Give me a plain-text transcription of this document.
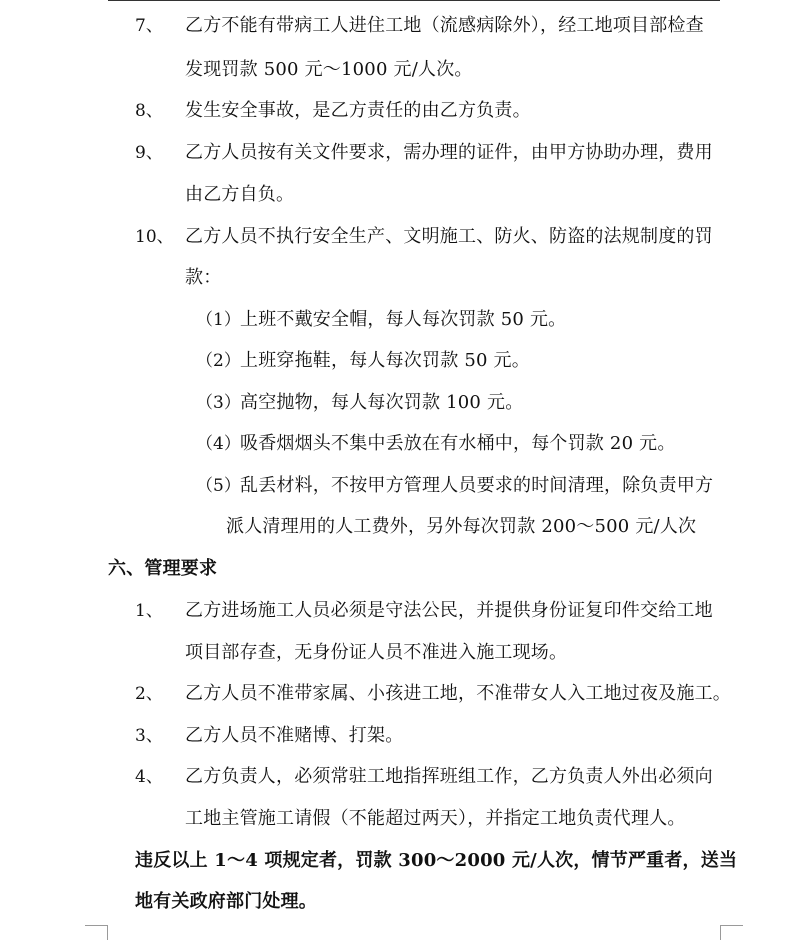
7、 乙方不能有带病工人进住工地（流感病除外），经工地项目部检查
发现罚款 500 元～1000 元/人次。
8、 发生安全事故，是乙方责任的由乙方负责。
9、 乙方人员按有关文件要求，需办理的证件，由甲方协助办理，费用
由乙方自负。
10、 乙方人员不执行安全生产、文明施工、防火、防盗的法规制度的罚
款：
（1） 上班不戴安全帽，每人每次罚款 50 元。
（2） 上班穿拖鞋，每人每次罚款 50 元。
（3） 高空抛物，每人每次罚款 100 元。
（4） 吸香烟烟头不集中丢放在有水桶中，每个罚款 20 元。
（5） 乱丢材料，不按甲方管理人员要求的时间清理，除负责甲方
派人清理用的人工费外，另外每次罚款 200～500 元/人次
六、管理要求
1、 乙方进场施工人员必须是守法公民，并提供身份证复印件交给工地
项目部存查，无身份证人员不准进入施工现场。
2、 乙方人员不准带家属、小孩进工地，不准带女人入工地过夜及施工。
3、 乙方人员不准赌博、打架。
4、 乙方负责人，必须常驻工地指挥班组工作，乙方负责人外出必须向
工地主管施工请假（不能超过两天），并指定工地负责代理人。
违反以上 1～4 项规定者，罚款 300～2000 元/人次，情节严重者，送当
地有关政府部门处理。
